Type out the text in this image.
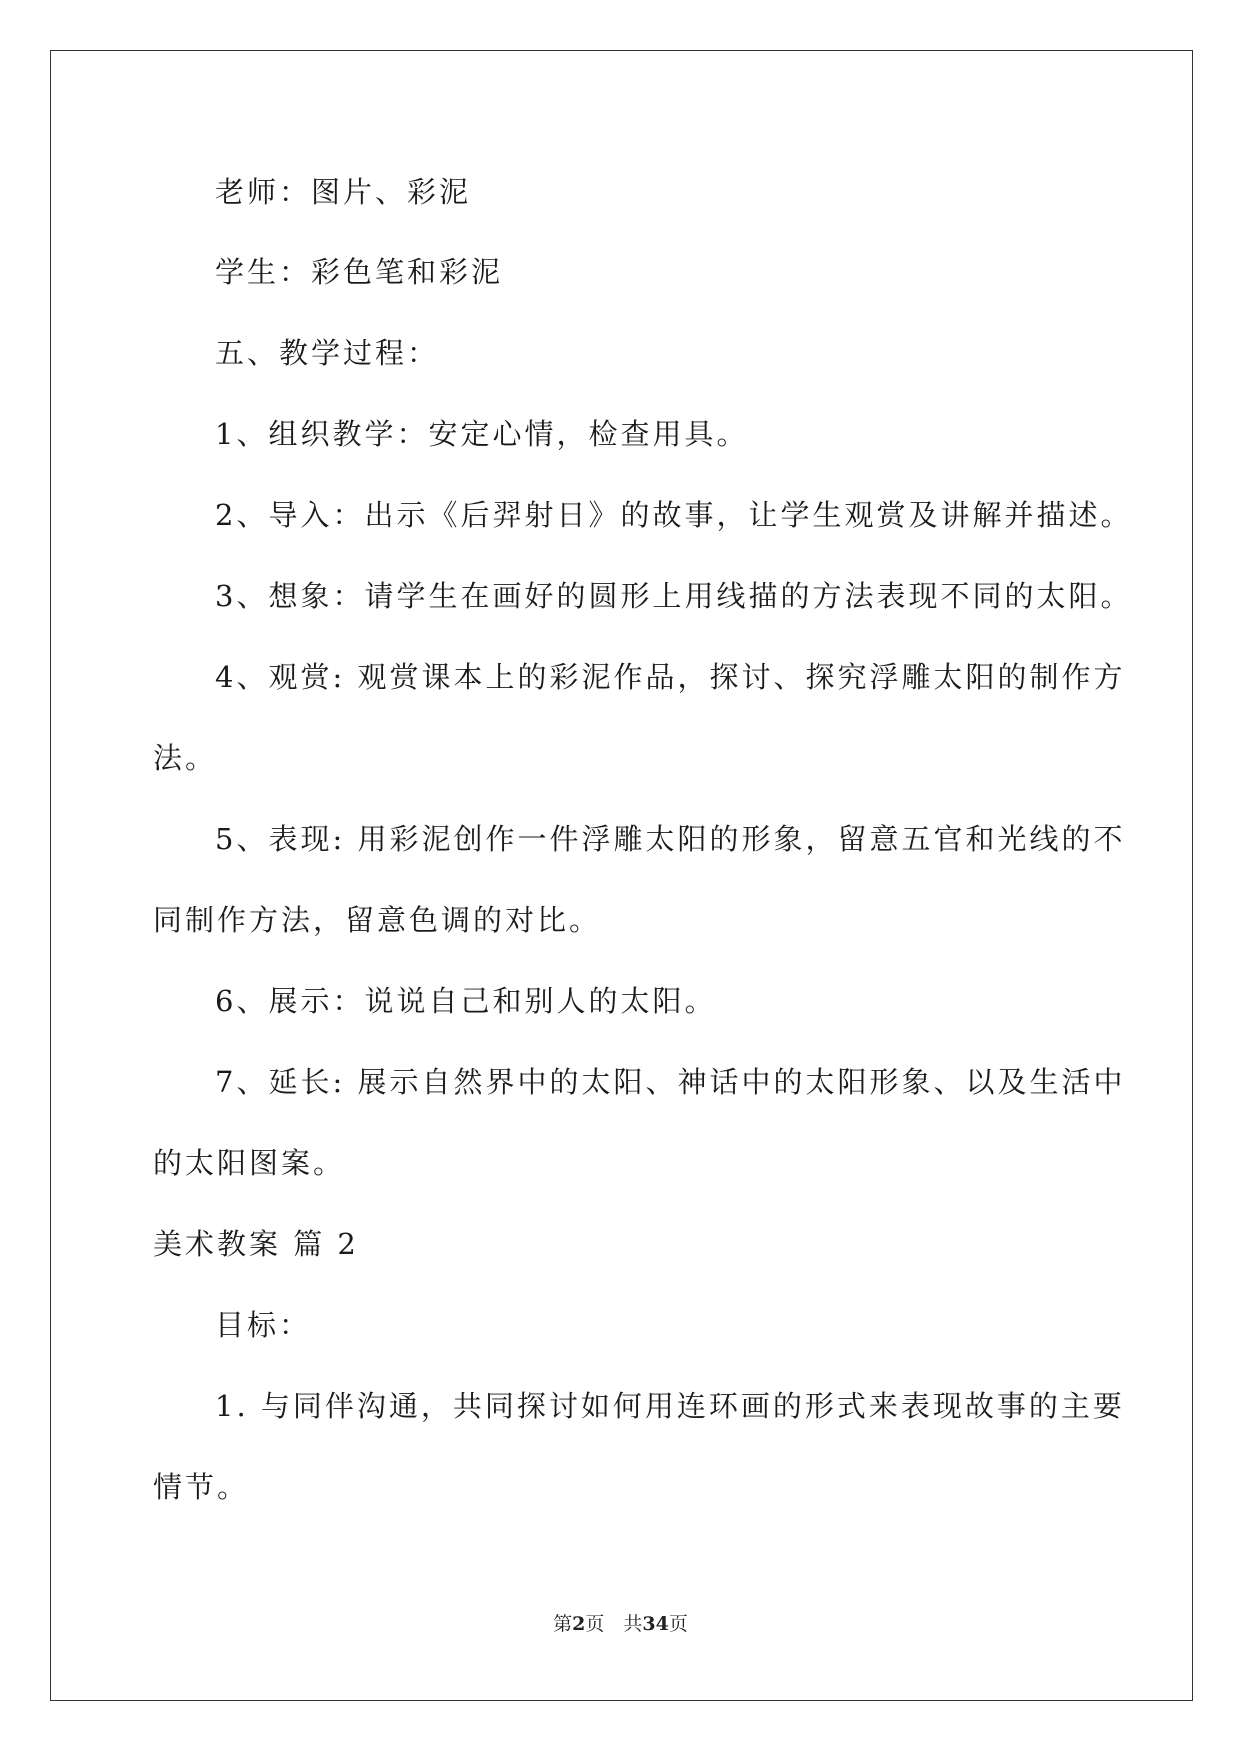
老师：图片、彩泥
学生：彩色笔和彩泥
五、教学过程：
1、组织教学：安定心情，检查用具。
2、导入：出示《后羿射日》的故事，让学生观赏及讲解并描述。
3、想象：请学生在画好的圆形上用线描的方法表现不同的太阳。
4、观赏: 观赏课本上的彩泥作品，探讨、探究浮雕太阳的制作方
法。
5、表现: 用彩泥创作一件浮雕太阳的形象，留意五官和光线的不
同制作方法，留意色调的对比。
6、展示：说说自己和别人的太阳。
7、延长: 展示自然界中的太阳、神话中的太阳形象、以及生活中
的太阳图案。
美术教案 篇 2
目标：
1. 与同伴沟通，共同探讨如何用连环画的形式来表现故事的主要
情节。
第2页　共34页
